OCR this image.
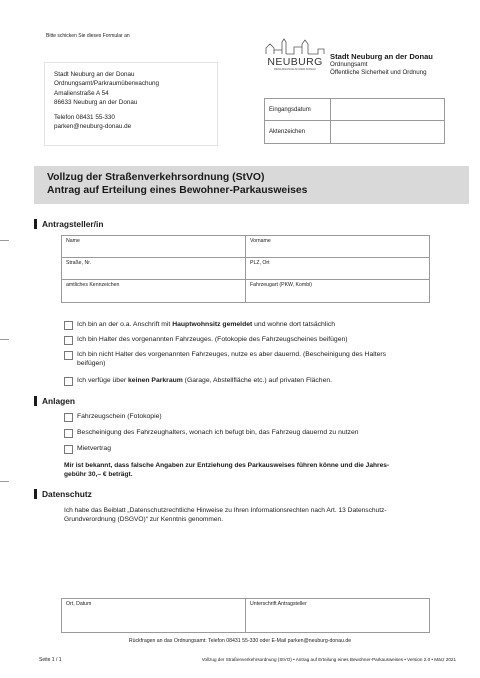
Bitte schicken Sie dieses Formular an
Stadt Neuburg an der Donau
Ordnungsamt/Parkraumüberwachung
Amalienstraße A 54
86633 Neuburg an der Donau
Telefon 08431 55-330
parken@neuburg-donau.de
NEUBURG
RENAISSANCE AN DER DONAU
Stadt Neuburg an der Donau
Ordnungsamt
Öffentliche Sicherheit und Ordnung
Eingangsdatum
Aktenzeichen
Vollzug der Straßenverkehrsordnung (StVO)
Antrag auf Erteilung eines Bewohner-Parkausweises
Antragsteller/in
Name	Vorname
Straße, Nr.	PLZ, Ort
amtliches Kennzeichen	Fahrzeugart (PKW, Kombi)
Ich bin an der o.a. Anschrift mit Hauptwohnsitz gemeldet und wohne dort tatsächlich
Ich bin Halter des vorgenannten Fahrzeuges. (Fotokopie des Fahrzeugscheines beifügen)
Ich bin nicht Halter des vorgenannten Fahrzeuges, nutze es aber dauernd. (Bescheinigung des Halters
beifügen)
Ich verfüge über keinen Parkraum (Garage, Abstellfläche etc.) auf privaten Flächen.
Anlagen
Fahrzeugschein (Fotokopie)
Bescheinigung des Fahrzeughalters, wonach ich befugt bin, das Fahrzeug dauernd zu nutzen
Mietvertrag
Mir ist bekannt, dass falsche Angaben zur Entziehung des Parkausweises führen könne und die Jahres-
gebühr 30,– € beträgt.
Datenschutz
Ich habe das Beiblatt „Datenschutzrechtliche Hinweise zu Ihren Informationsrechten nach Art. 13 Datenschutz-
Grundverordnung (DSGVO)“ zur Kenntnis genommen.
Ort, Datum	Unterschrift Antragsteller
Rückfragen an das Ordnungsamt: Telefon 08431 55-330 oder E-Mail parken@neuburg-donau.de
Seite 1 / 1	Vollzug der Straßenverkehrsordnung (StVO) • Antrag auf Erteilung eines Bewohner-Parkausweises • Version 2.0 • März 2021
